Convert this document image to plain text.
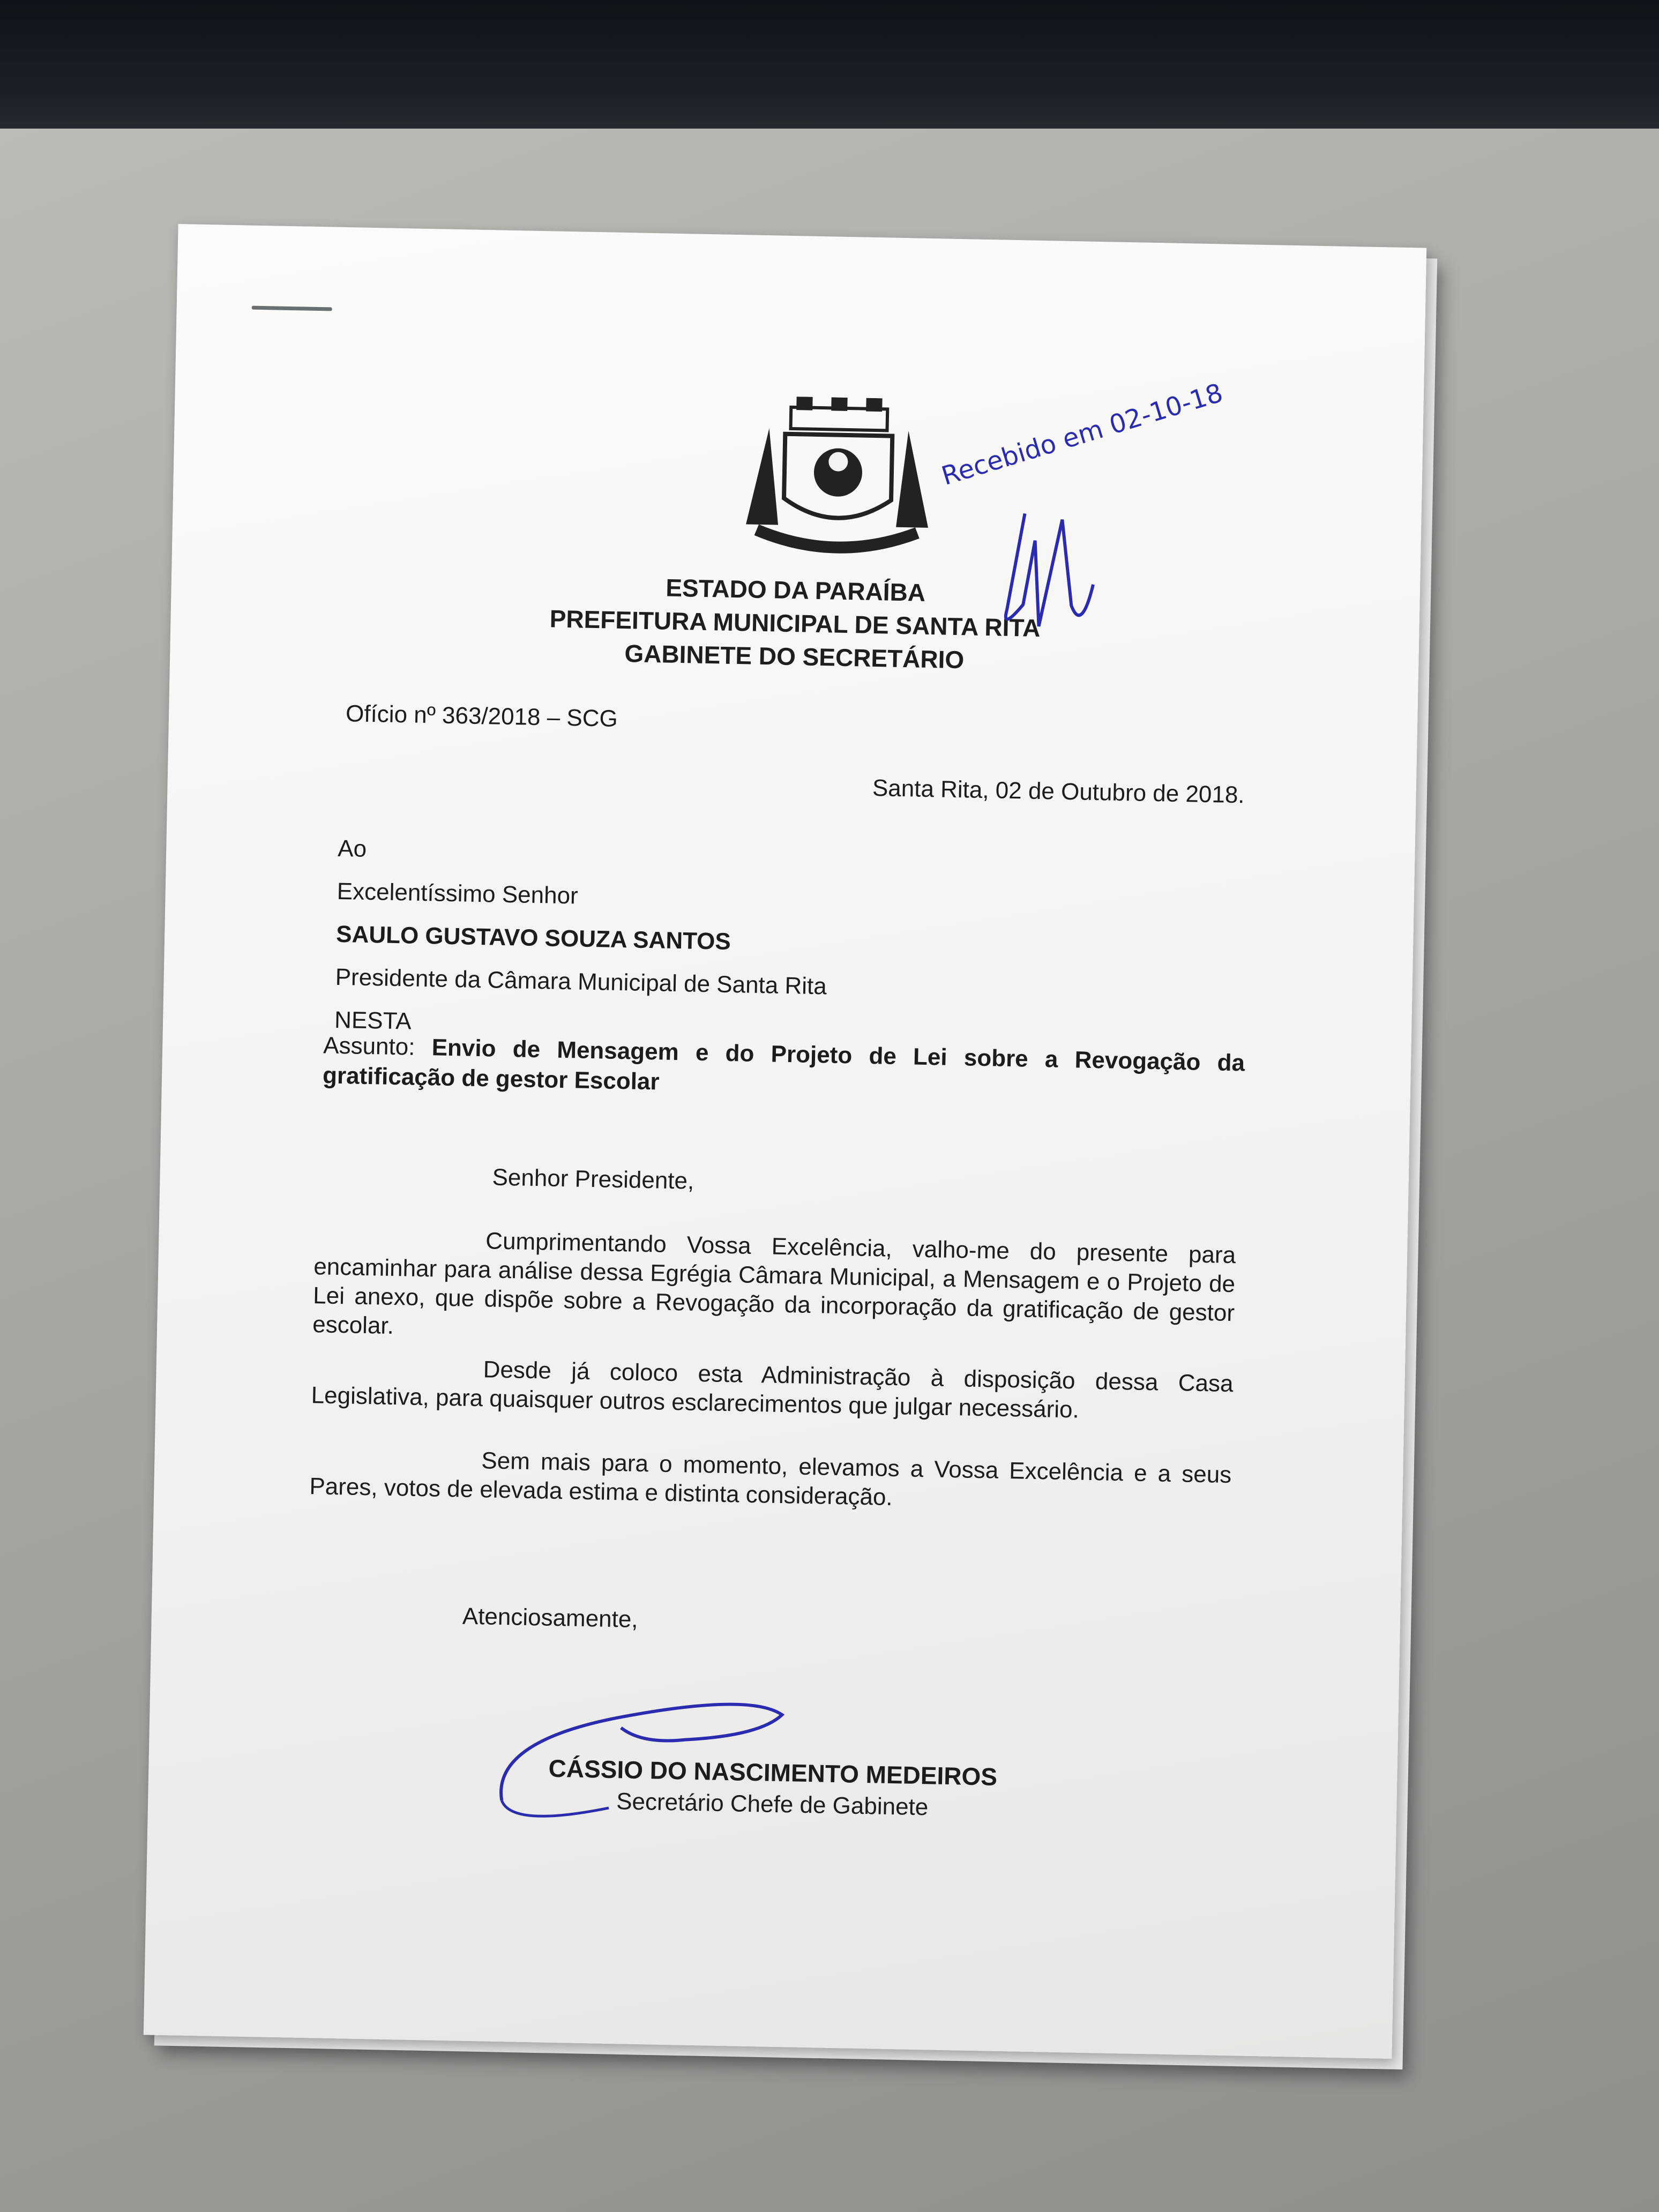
ESTADO DA PARAÍBA
PREFEITURA MUNICIPAL DE SANTA RITA
GABINETE DO SECRETÁRIO
Ofício nº 363/2018 – SCG
Santa Rita, 02 de Outubro de 2018.
Ao
Excelentíssimo Senhor
SAULO GUSTAVO SOUZA SANTOS
Presidente da Câmara Municipal de Santa Rita
NESTA
Assunto: Envio de Mensagem e do Projeto de Lei sobre a Revogação da gratificação de gestor Escolar
Senhor Presidente,
Cumprimentando Vossa Excelência, valho-me do presente para encaminhar para análise dessa Egrégia Câmara Municipal, a Mensagem e o Projeto de Lei anexo, que dispõe sobre a Revogação da incorporação da gratificação de gestor escolar.
Desde já coloco esta Administração à disposição dessa Casa Legislativa, para quaisquer outros esclarecimentos que julgar necessário.
Sem mais para o momento, elevamos a Vossa Excelência e a seus Pares, votos de elevada estima e distinta consideração.
Atenciosamente,
CÁSSIO DO NASCIMENTO MEDEIROS
Secretário Chefe de Gabinete
Recebido em 02-10-18
